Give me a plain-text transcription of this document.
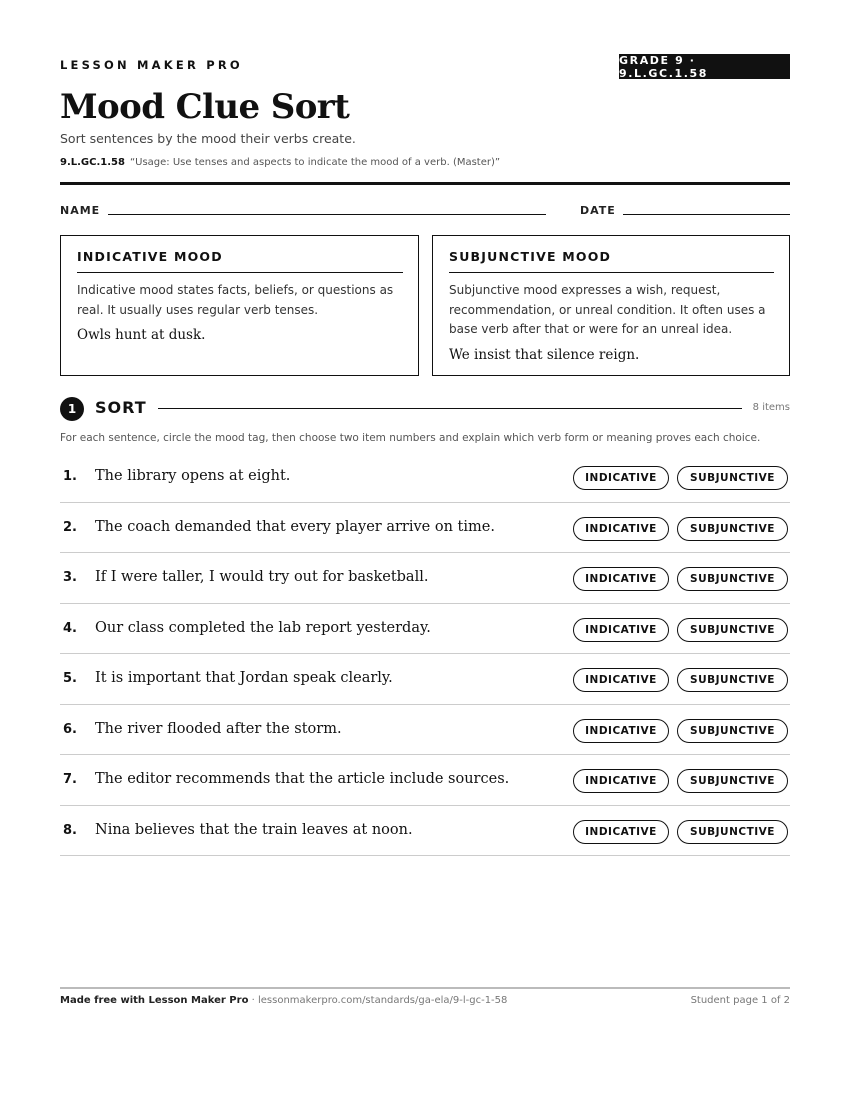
LESSON MAKER PRO	GRADE 9 · 9.L.GC.1.58
Mood Clue Sort
Sort sentences by the mood their verbs create.
9.L.GC.1.58 “Usage: Use tenses and aspects to indicate the mood of a verb. (Master)”
NAME	DATE
INDICATIVE MOOD
Indicative mood states facts, beliefs, or questions as real. It usually uses regular verb tenses.
Owls hunt at dusk.
SUBJUNCTIVE MOOD
Subjunctive mood expresses a wish, request, recommendation, or unreal condition. It often uses a base verb after that or were for an unreal idea.
We insist that silence reign.
1	SORT	8 items
For each sentence, circle the mood tag, then choose two item numbers and explain which verb form or meaning proves each choice.
1. The library opens at eight.	INDICATIVE	SUBJUNCTIVE
2. The coach demanded that every player arrive on time.	INDICATIVE	SUBJUNCTIVE
3. If I were taller, I would try out for basketball.	INDICATIVE	SUBJUNCTIVE
4. Our class completed the lab report yesterday.	INDICATIVE	SUBJUNCTIVE
5. It is important that Jordan speak clearly.	INDICATIVE	SUBJUNCTIVE
6. The river flooded after the storm.	INDICATIVE	SUBJUNCTIVE
7. The editor recommends that the article include sources.	INDICATIVE	SUBJUNCTIVE
8. Nina believes that the train leaves at noon.	INDICATIVE	SUBJUNCTIVE
Made free with Lesson Maker Pro · lessonmakerpro.com/standards/ga-ela/9-l-gc-1-58	Student page 1 of 2
